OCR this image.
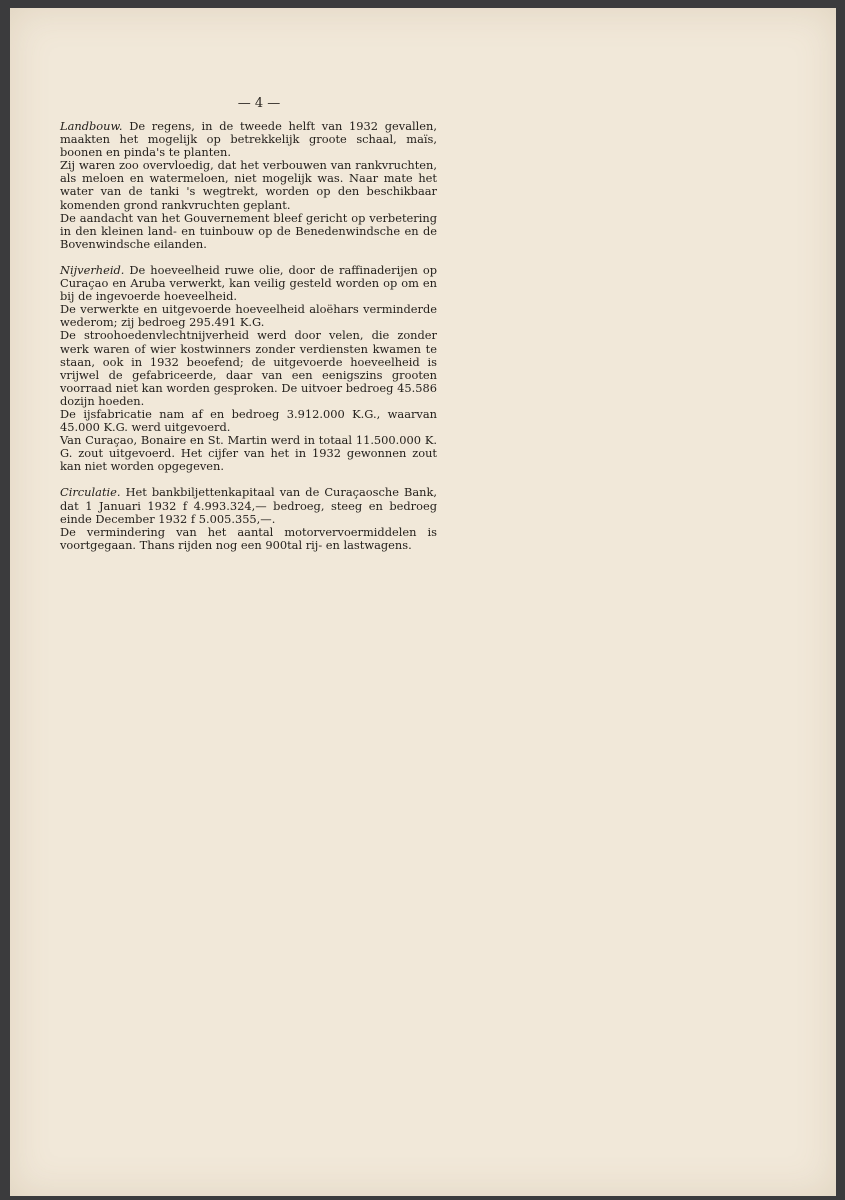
— 4 —

Landbouw. De regens, in de tweede helft van 1932 gevallen, maakten het mogelijk op betrekkelijk groote schaal, maïs, boonen en pinda's te planten.

Zij waren zoo overvloedig, dat het verbouwen van rankvruchten, als meloen en watermeloen, niet mogelijk was. Naar mate het water van de tanki 's wegtrekt, worden op den beschikbaar komenden grond rankvruchten geplant.

De aandacht van het Gouvernement bleef gericht op verbetering in den kleinen land- en tuinbouw op de Benedenwindsche en de Bovenwindsche eilanden.

Nijverheid. De hoeveelheid ruwe olie, door de raffinaderijen op Curaçao en Aruba verwerkt, kan veilig gesteld worden op om en bij de ingevoerde hoeveelheid.

De verwerkte en uitgevoerde hoeveelheid aloëhars verminderde wederom; zij bedroeg 295.491 K.G.

De stroohoedenvlechtnijverheid werd door velen, die zonder werk waren of wier kostwinners zonder verdiensten kwamen te staan, ook in 1932 beoefend; de uitgevoerde hoeveelheid is vrijwel de gefabriceerde, daar van een eenigszins grooten voorraad niet kan worden gesproken. De uitvoer bedroeg 45.586 dozijn hoeden.

De ijsfabricatie nam af en bedroeg 3.912.000 K.G., waarvan 45.000 K.G. werd uitgevoerd.

Van Curaçao, Bonaire en St. Martin werd in totaal 11.500.000 K. G. zout uitgevoerd. Het cijfer van het in 1932 gewonnen zout kan niet worden opgegeven.

Circulatie. Het bankbiljettenkapitaal van de Curaçaosche Bank, dat 1 Januari 1932 f 4.993.324,— bedroeg, steeg en bedroeg einde December 1932 f 5.005.355,—.

De vermindering van het aantal motorvervoermiddelen is voortgegaan. Thans rijden nog een 900tal rij- en lastwagens.
